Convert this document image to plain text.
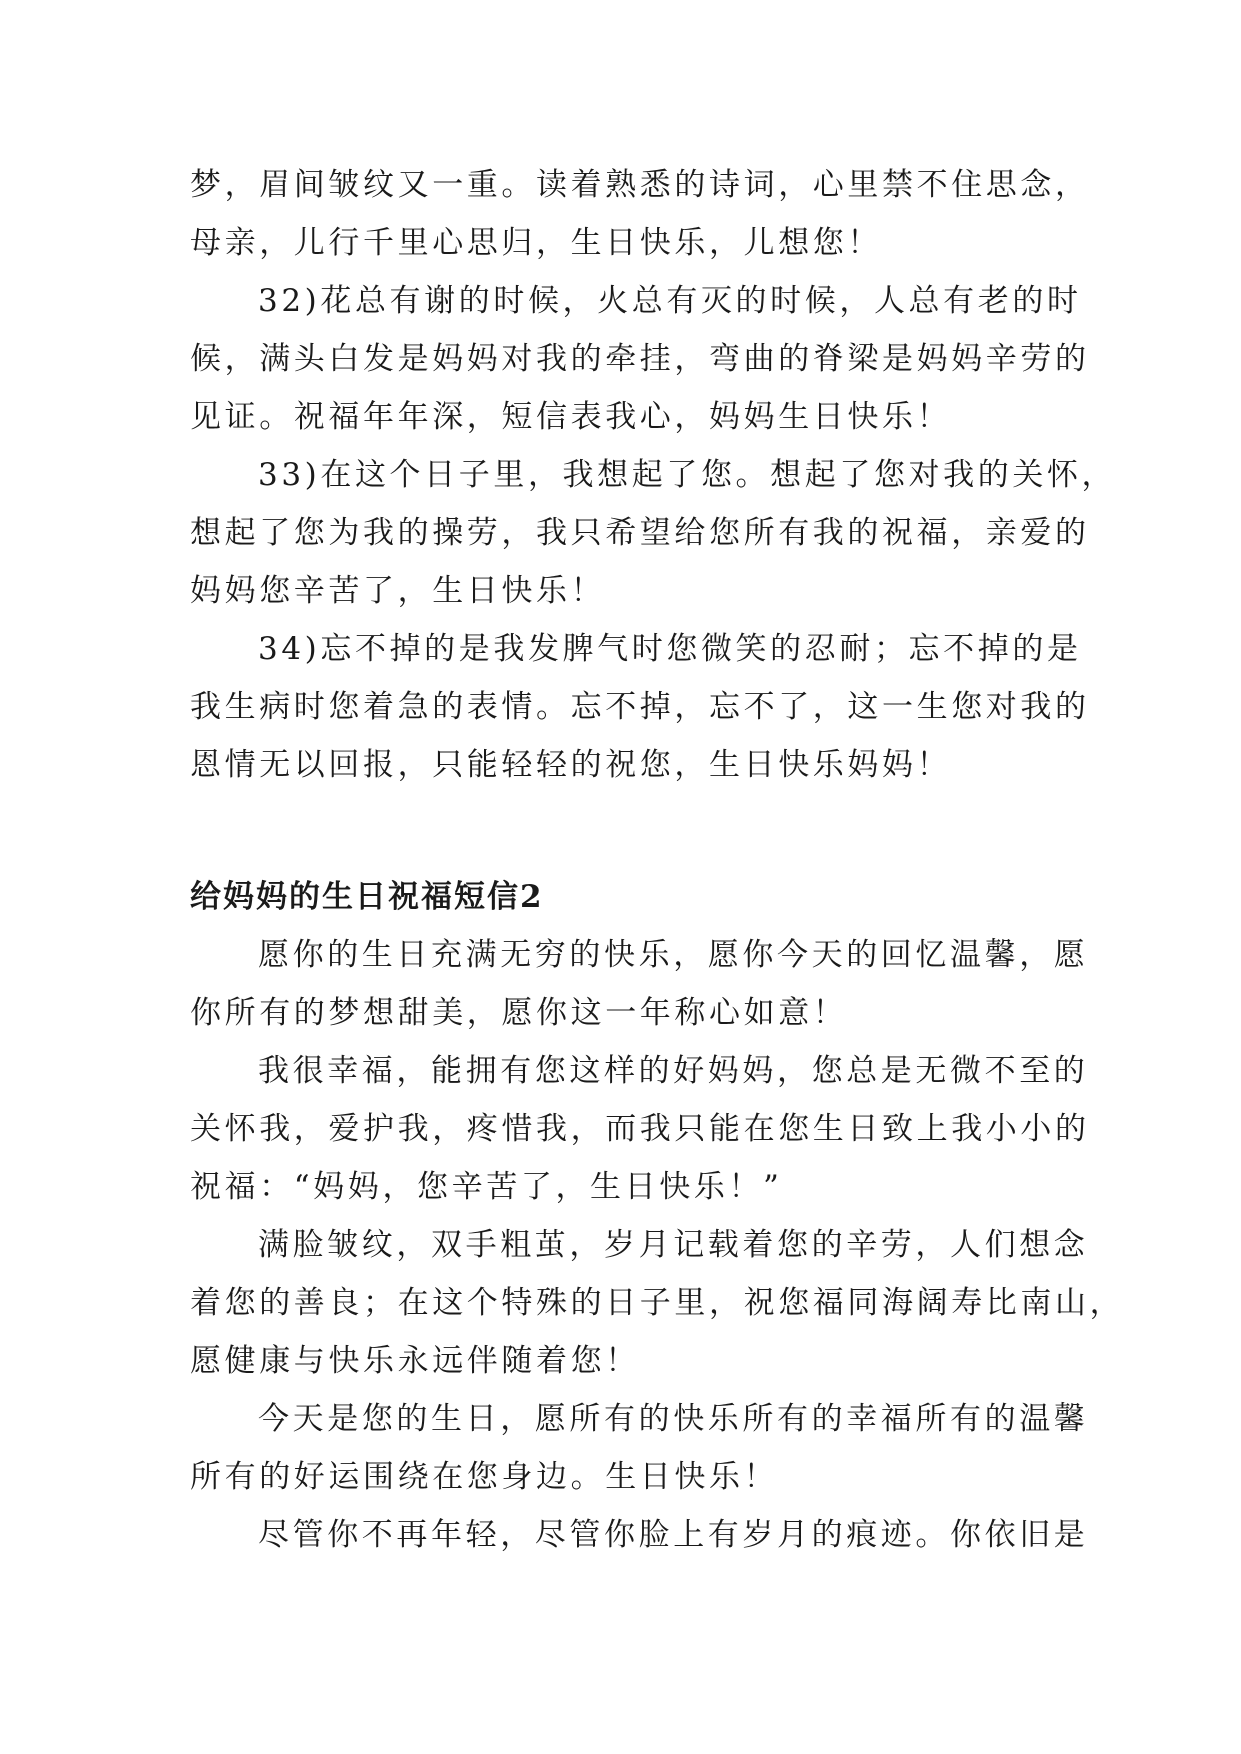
梦，眉间皱纹又一重。读着熟悉的诗词，心里禁不住思念，
母亲，儿行千里心思归，生日快乐，儿想您！

32)花总有谢的时候，火总有灭的时候，人总有老的时
候，满头白发是妈妈对我的牵挂，弯曲的脊梁是妈妈辛劳的
见证。祝福年年深，短信表我心，妈妈生日快乐！

33)在这个日子里，我想起了您。想起了您对我的关怀，
想起了您为我的操劳，我只希望给您所有我的祝福，亲爱的
妈妈您辛苦了，生日快乐！

34)忘不掉的是我发脾气时您微笑的忍耐；忘不掉的是
我生病时您着急的表情。忘不掉，忘不了，这一生您对我的
恩情无以回报，只能轻轻的祝您，生日快乐妈妈！

给妈妈的生日祝福短信2

愿你的生日充满无穷的快乐，愿你今天的回忆温馨，愿
你所有的梦想甜美，愿你这一年称心如意！

我很幸福，能拥有您这样的好妈妈，您总是无微不至的
关怀我，爱护我，疼惜我，而我只能在您生日致上我小小的
祝福：“妈妈，您辛苦了，生日快乐！”

满脸皱纹，双手粗茧，岁月记载着您的辛劳，人们想念
着您的善良；在这个特殊的日子里，祝您福同海阔寿比南山，
愿健康与快乐永远伴随着您！

今天是您的生日，愿所有的快乐所有的幸福所有的温馨
所有的好运围绕在您身边。生日快乐！

尽管你不再年轻，尽管你脸上有岁月的痕迹。你依旧是
